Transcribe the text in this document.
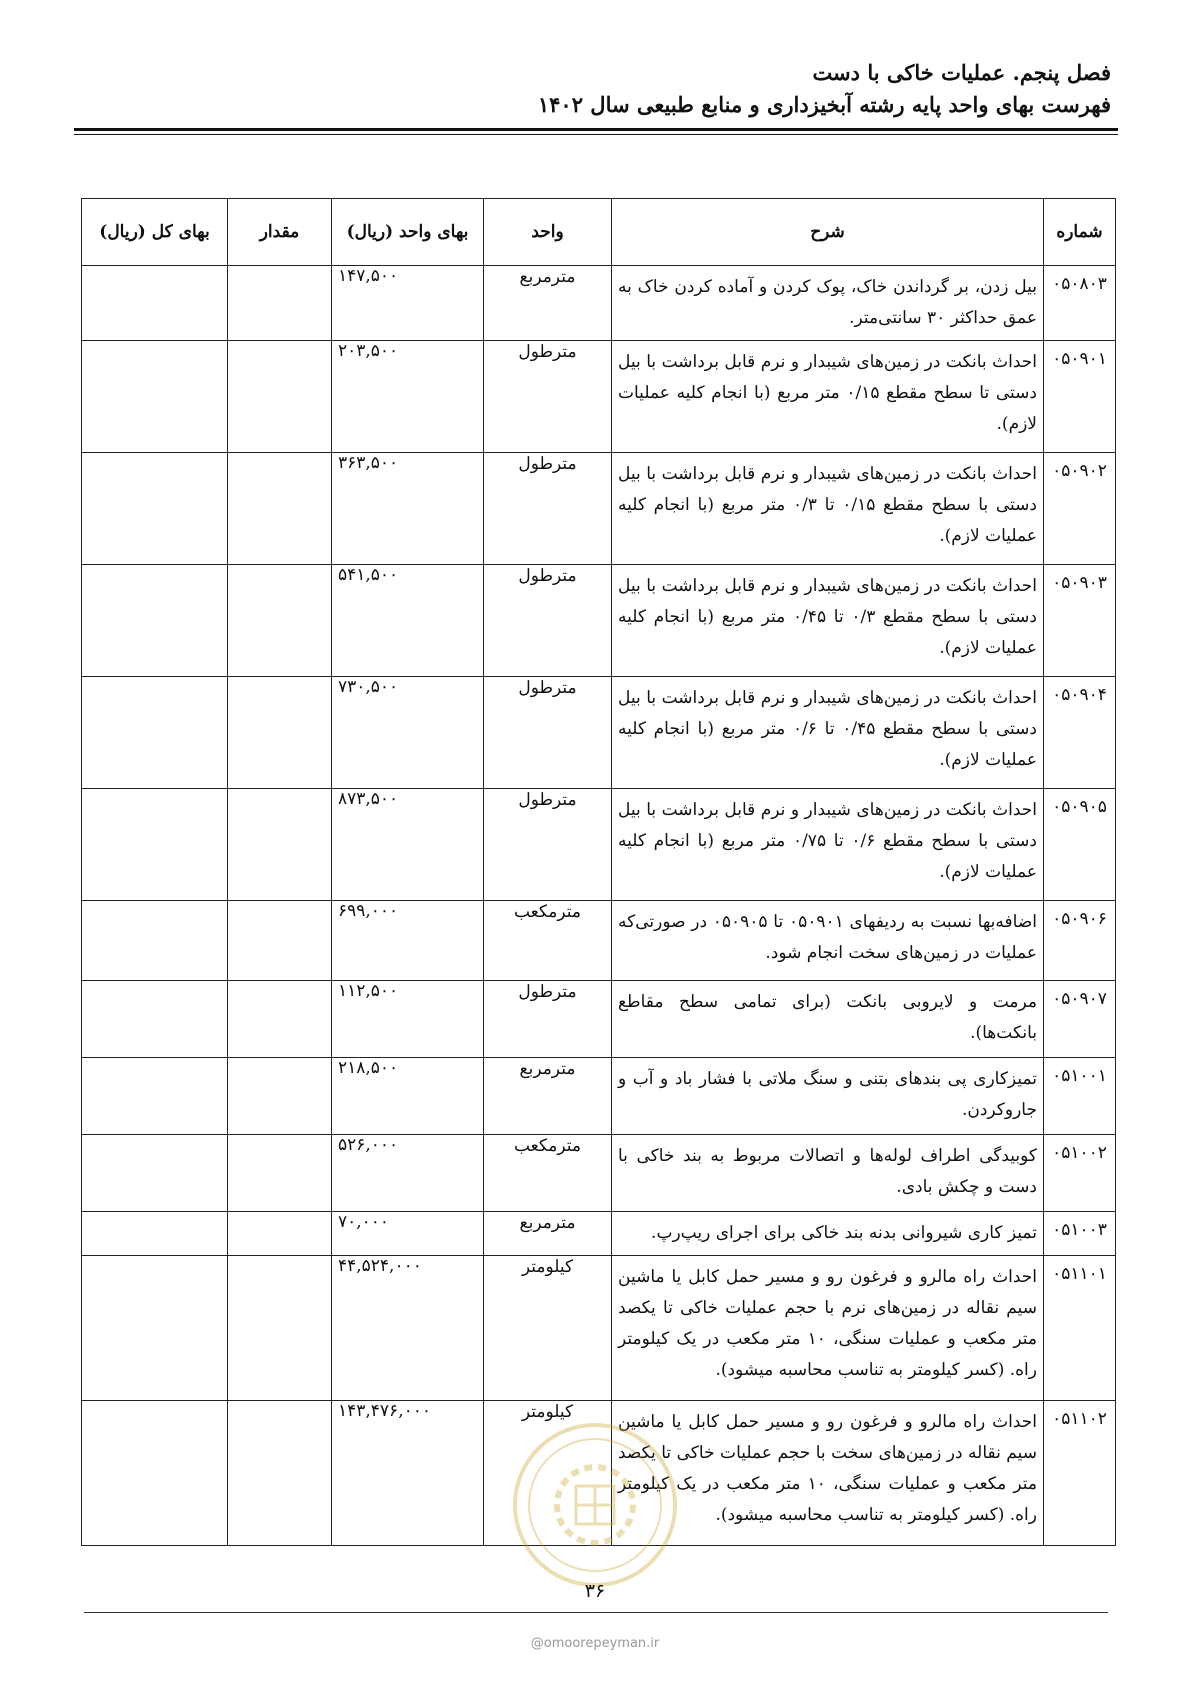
فصل پنجم. عملیات خاکی با دست
فهرست بهای واحد پایه رشته آبخیزداری و منابع طبیعی سال ۱۴۰۲
شماره	شرح	واحد	بهای واحد (ریال)	مقدار	بهای کل (ریال)
۰۵۰۸۰۳	بیل زدن، بر گرداندن خاک، پوک کردن و آماده کردن خاک به عمق حداکثر ۳۰ سانتی‌متر.	مترمربع	۱۴۷,۵۰۰		
۰۵۰۹۰۱	احداث بانکت در زمین‌های شیبدار و نرم قابل برداشت با بیل دستی تا سطح مقطع ۰/۱۵ متر مربع (با انجام کلیه عملیات لازم).	مترطول	۲۰۳,۵۰۰		
۰۵۰۹۰۲	احداث بانکت در زمین‌های شیبدار و نرم قابل برداشت با بیل دستی با سطح مقطع ۰/۱۵ تا ۰/۳ متر مربع (با انجام کلیه عملیات لازم).	مترطول	۳۶۳,۵۰۰		
۰۵۰۹۰۳	احداث بانکت در زمین‌های شیبدار و نرم قابل برداشت با بیل دستی با سطح مقطع ۰/۳ تا ۰/۴۵ متر مربع (با انجام کلیه عملیات لازم).	مترطول	۵۴۱,۵۰۰		
۰۵۰۹۰۴	احداث بانکت در زمین‌های شیبدار و نرم قابل برداشت با بیل دستی با سطح مقطع ۰/۴۵ تا ۰/۶ متر مربع (با انجام کلیه عملیات لازم).	مترطول	۷۳۰,۵۰۰		
۰۵۰۹۰۵	احداث بانکت در زمین‌های شیبدار و نرم قابل برداشت با بیل دستی با سطح مقطع ۰/۶ تا ۰/۷۵ متر مربع (با انجام کلیه عملیات لازم).	مترطول	۸۷۳,۵۰۰		
۰۵۰۹۰۶	اضافه‌بها نسبت به ردیفهای ۰۵۰۹۰۱ تا ۰۵۰۹۰۵ در صورتی‌که عملیات در زمین‌های سخت انجام شود.	مترمکعب	۶۹۹,۰۰۰		
۰۵۰۹۰۷	مرمت و لایروبی بانکت (برای تمامی سطح مقاطع بانکت‌ها).	مترطول	۱۱۲,۵۰۰		
۰۵۱۰۰۱	تمیزکاری پی بندهای بتنی و سنگ ملاتی با فشار باد و آب و جاروکردن.	مترمربع	۲۱۸,۵۰۰		
۰۵۱۰۰۲	کوبیدگی اطراف لوله‌ها و اتصالات مربوط به بند خاکی با دست و چکش بادی.	مترمکعب	۵۲۶,۰۰۰		
۰۵۱۰۰۳	تمیز کاری شیروانی بدنه بند خاکی برای اجرای ریپ‌رپ.	مترمربع	۷۰,۰۰۰		
۰۵۱۱۰۱	احداث راه مالرو و فرغون رو و مسیر حمل کابل یا ماشین سیم نقاله در زمین‌های نرم با حجم عملیات خاکی تا یکصد متر مکعب و عملیات سنگی، ۱۰ متر مکعب در یک کیلومتر راه. (کسر کیلومتر به تناسب محاسبه میشود).	کیلومتر	۴۴,۵۲۴,۰۰۰		
۰۵۱۱۰۲	احداث راه مالرو و فرغون رو و مسیر حمل کابل یا ماشین سیم نقاله در زمین‌های سخت با حجم عملیات خاکی تا یکصد متر مکعب و عملیات سنگی، ۱۰ متر مکعب در یک کیلومتر راه. (کسر کیلومتر به تناسب محاسبه میشود).	کیلومتر	۱۴۳,۴۷۶,۰۰۰		
۳۶
@omoorepeyman.ir
